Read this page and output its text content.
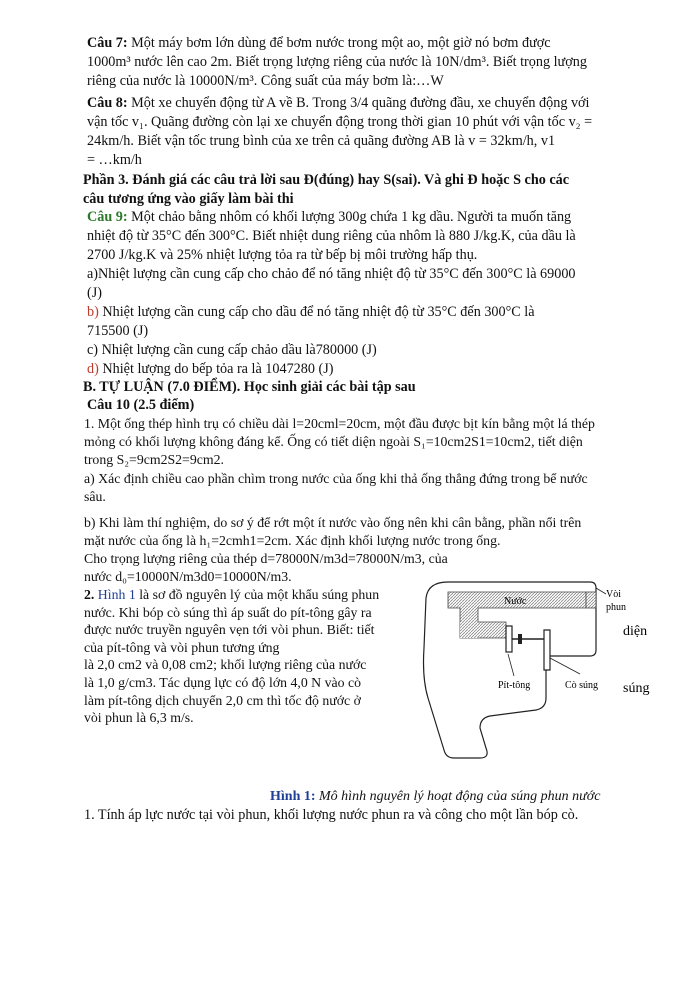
Câu 7: Một máy bơm lớn dùng để bơm nước trong một ao, một giờ nó bơm được
1000m³ nước lên cao 2m. Biết trọng lượng riêng của nước là 10N/dm³. Biết trọng lượng
riêng của nước là 10000N/m³. Công suất của máy bơm là:…W
Câu 8: Một xe chuyển động từ A về B. Trong 3/4 quãng đường đầu, xe chuyển động với
vận tốc v₁. Quãng đường còn lại xe chuyển động trong thời gian 10 phút với vận tốc v₂ =
24km/h. Biết vận tốc trung bình của xe trên cả quãng đường AB là v = 32km/h, v1
= …km/h
Phần 3. Đánh giá các câu trả lời sau Đ(đúng) hay S(sai). Và ghi Đ hoặc S cho các
câu tương ứng vào giấy làm bài thi
Câu 9: Một chảo bằng nhôm có khối lượng 300g chứa 1 kg dầu. Người ta muốn tăng
nhiệt độ từ 35°C đến 300°C. Biết nhiệt dung riêng của nhôm là 880 J/kg.K, của dầu là
2700 J/kg.K và 25% nhiệt lượng tỏa ra từ bếp bị môi trường hấp thụ.
a)Nhiệt lượng cần cung cấp cho chảo để nó tăng nhiệt độ từ 35°C đến 300°C là 69000
(J)
b) Nhiệt lượng cần cung cấp cho dầu để nó tăng nhiệt độ từ 35°C đến 300°C là
715500 (J)
c) Nhiệt lượng cần cung cấp chảo dầu là780000 (J)
d) Nhiệt lượng do bếp tỏa ra là 1047280 (J)
B. TỰ LUẬN (7.0 ĐIỂM). Học sinh giải các bài tập sau
Câu 10 (2.5 điểm)
1. Một ống thép hình trụ có chiều dài l=20cml=20cm, một đầu được bịt kín bằng một lá thép
mỏng có khối lượng không đáng kể. Ống có tiết diện ngoài S₁=10cm2S1=10cm2, tiết diện
trong S₂=9cm2S2=9cm2.
a) Xác định chiều cao phần chìm trong nước của ống khi thả ống thẳng đứng trong bể nước
sâu.
b) Khi làm thí nghiệm, do sơ ý để rớt một ít nước vào ống nên khi cân bằng, phần nổi trên
mặt nước của ống là h₁=2cmh1=2cm. Xác định khối lượng nước trong ống.
Cho trọng lượng riêng của thép d=78000N/m3d=78000N/m3, của
nước d₀=10000N/m3d0=10000N/m3.
2. Hình 1 là sơ đồ nguyên lý của một khẩu súng phun
nước. Khi bóp cò súng thì áp suất do pít-tông gây ra
được nước truyền nguyên vẹn tới vòi phun. Biết: tiết
của pít-tông và vòi phun tương ứng
là 2,0 cm2 và 0,08 cm2; khối lượng riêng của nước
là 1,0 g/cm3. Tác dụng lực có độ lớn 4,0 N vào cò
làm pít-tông dịch chuyển 2,0 cm thì tốc độ nước ở
vòi phun là 6,3 m/s.
Nước
Vòi
phun
Pít-tông	Cò súng
diện
súng
Hình 1: Mô hình nguyên lý hoạt động của súng phun nước
1. Tính áp lực nước tại vòi phun, khối lượng nước phun ra và công cho một lần bóp cò.
